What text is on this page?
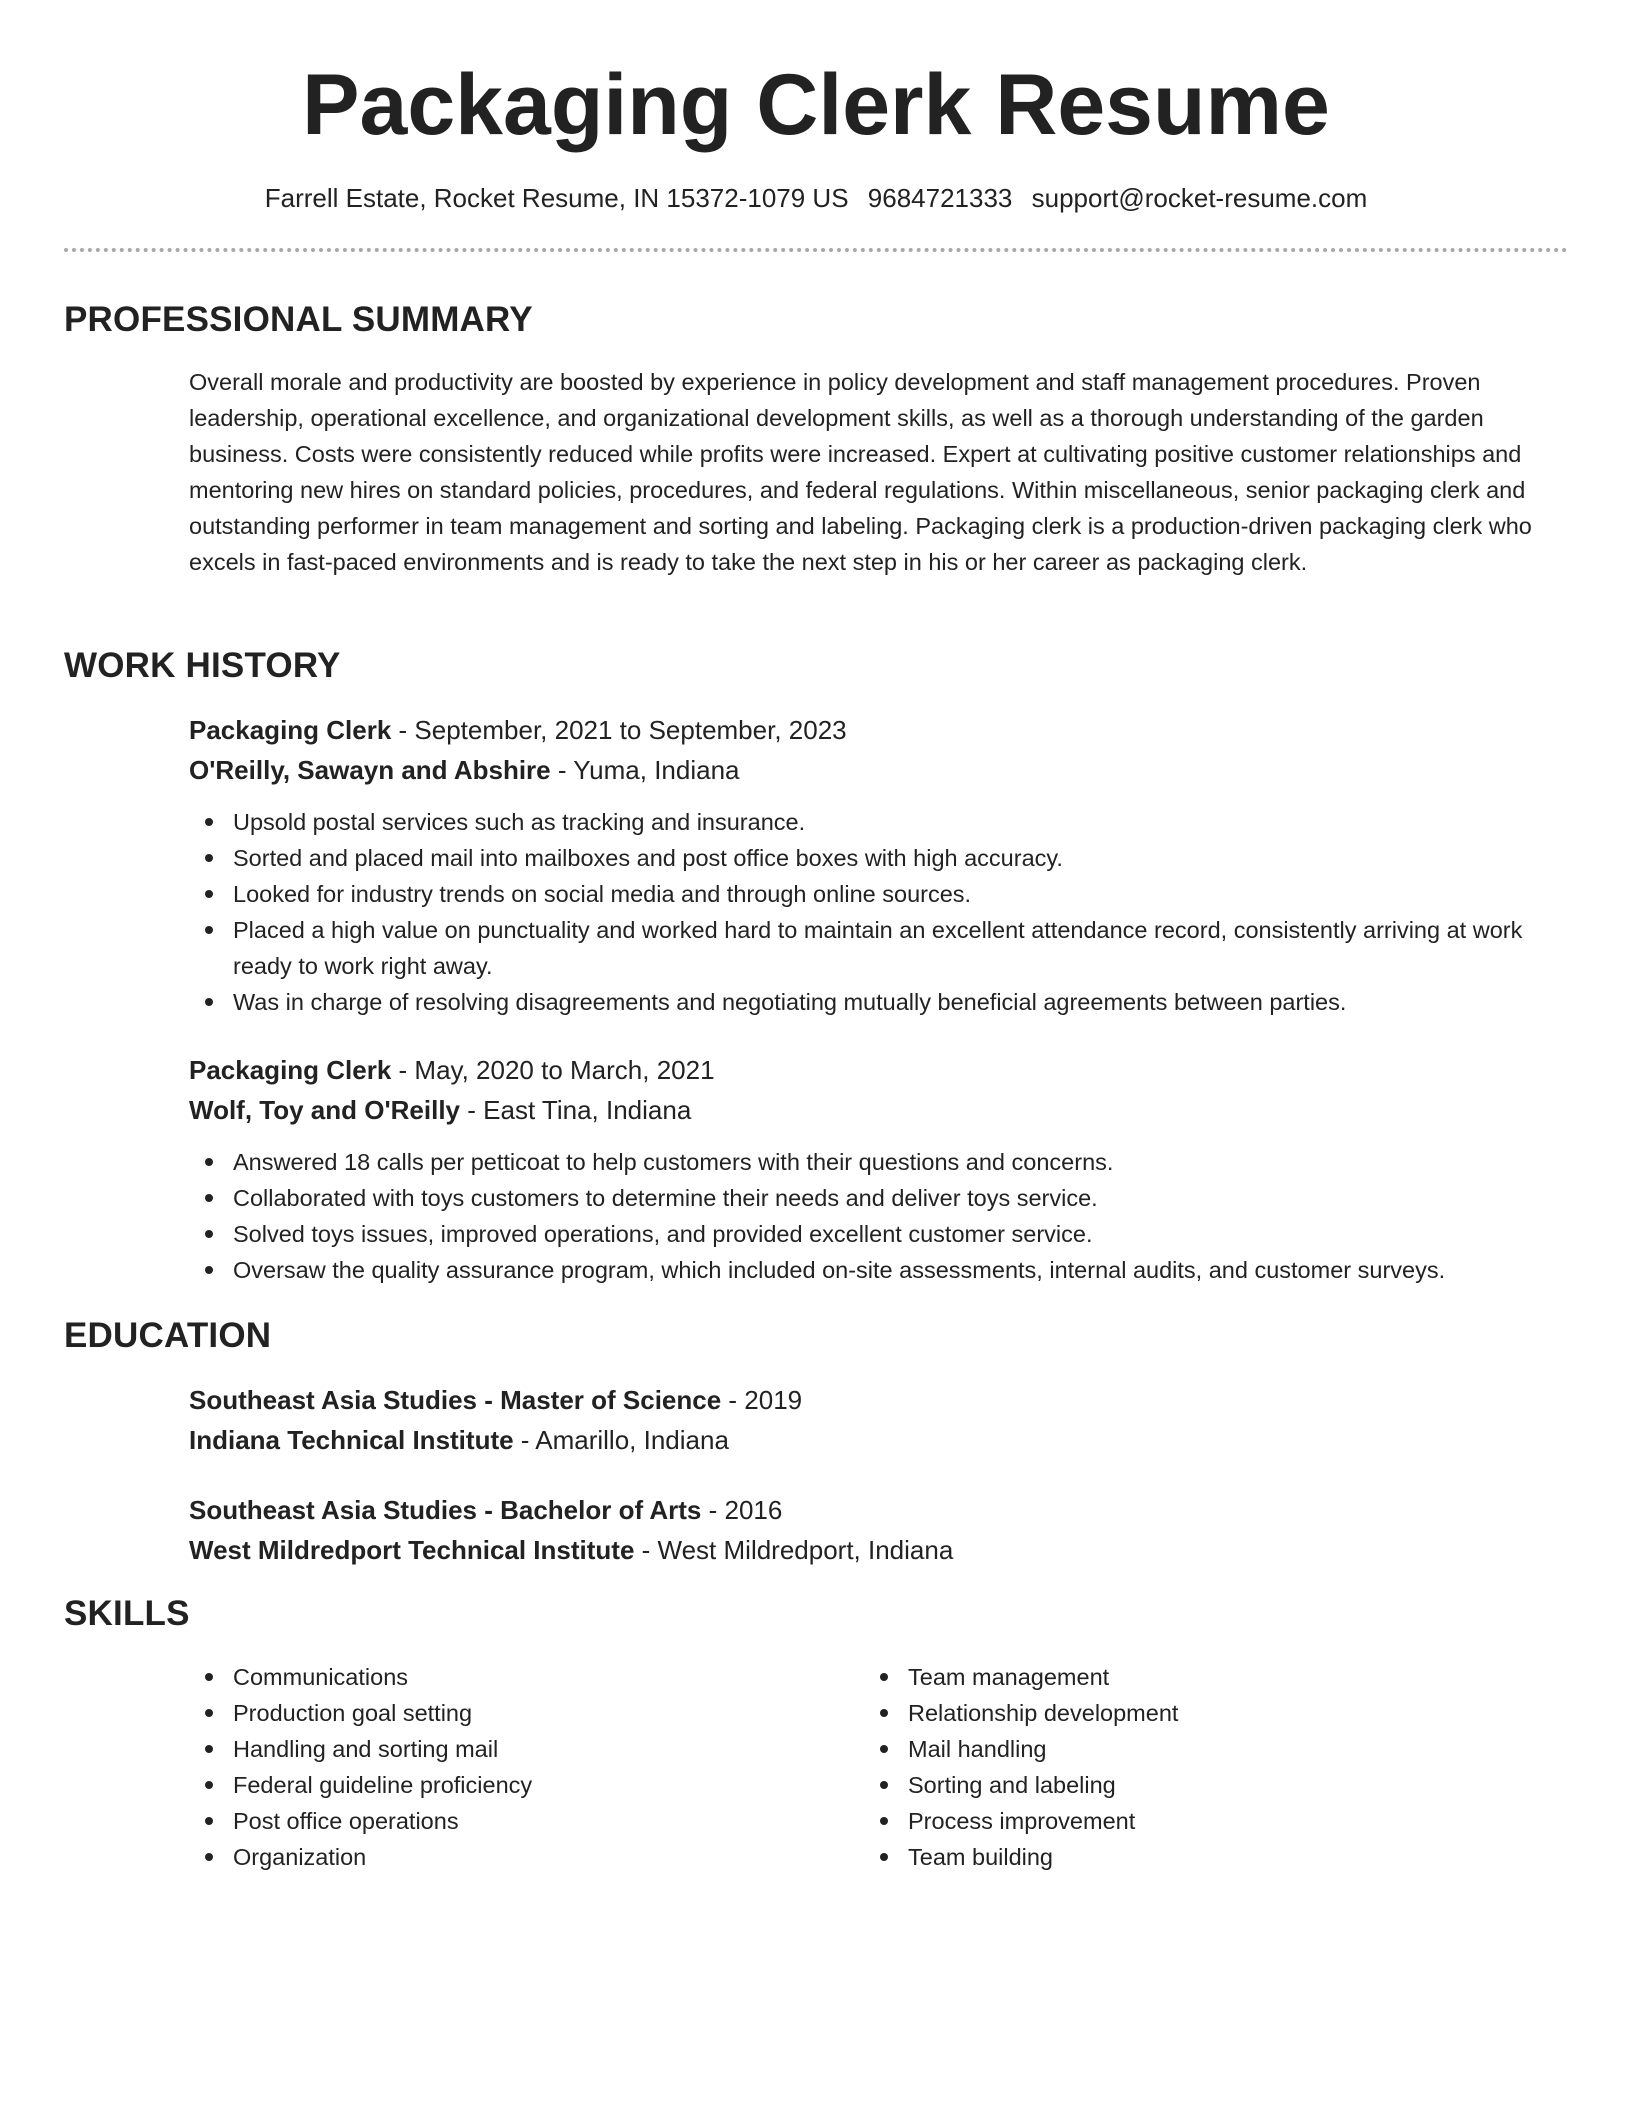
Packaging Clerk Resume
Farrell Estate, Rocket Resume, IN 15372-1079 US 9684721333 support@rocket-resume.com
PROFESSIONAL SUMMARY

Overall morale and productivity are boosted by experience in policy development and staff management procedures. Proven leadership, operational excellence, and organizational development skills, as well as a thorough understanding of the garden business. Costs were consistently reduced while profits were increased. Expert at cultivating positive customer relationships and mentoring new hires on standard policies, procedures, and federal regulations. Within miscellaneous, senior packaging clerk and outstanding performer in team management and sorting and labeling. Packaging clerk is a production-driven packaging clerk who excels in fast-paced environments and is ready to take the next step in his or her career as packaging clerk.

WORK HISTORY
Packaging Clerk - September, 2021 to September, 2023
O'Reilly, Sawayn and Abshire - Yuma, Indiana
Upsold postal services such as tracking and insurance.
Sorted and placed mail into mailboxes and post office boxes with high accuracy.
Looked for industry trends on social media and through online sources.
Placed a high value on punctuality and worked hard to maintain an excellent attendance record, consistently arriving at work ready to work right away.
Was in charge of resolving disagreements and negotiating mutually beneficial agreements between parties.
Packaging Clerk - May, 2020 to March, 2021
Wolf, Toy and O'Reilly - East Tina, Indiana
Answered 18 calls per petticoat to help customers with their questions and concerns.
Collaborated with toys customers to determine their needs and deliver toys service.
Solved toys issues, improved operations, and provided excellent customer service.
Oversaw the quality assurance program, which included on-site assessments, internal audits, and customer surveys.
EDUCATION
Southeast Asia Studies - Master of Science - 2019
Indiana Technical Institute - Amarillo, Indiana
Southeast Asia Studies - Bachelor of Arts - 2016
West Mildredport Technical Institute - West Mildredport, Indiana
SKILLS
Communications
Production goal setting
Handling and sorting mail
Federal guideline proficiency
Post office operations
Organization
Team management
Relationship development
Mail handling
Sorting and labeling
Process improvement
Team building
